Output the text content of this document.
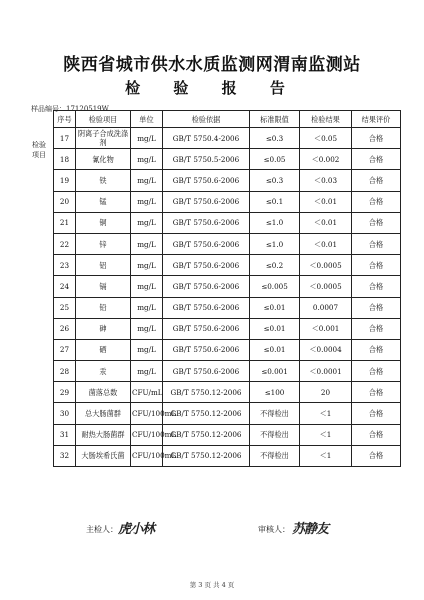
陕西省城市供水水质监测网渭南监测站
检 验 报 告
样品编号：17120519W
检验
项目
序号	检验项目	单位	检验依据	标准限值	检验结果	结果评价
17	阴离子合成洗涤剂	mg/L	GB/T 5750.4-2006	≤0.3	＜0.05	合格
18	氰化物	mg/L	GB/T 5750.5-2006	≤0.05	＜0.002	合格
19	铁	mg/L	GB/T 5750.6-2006	≤0.3	＜0.03	合格
20	锰	mg/L	GB/T 5750.6-2006	≤0.1	＜0.01	合格
21	铜	mg/L	GB/T 5750.6-2006	≤1.0	＜0.01	合格
22	锌	mg/L	GB/T 5750.6-2006	≤1.0	＜0.01	合格
23	铝	mg/L	GB/T 5750.6-2006	≤0.2	＜0.0005	合格
24	镉	mg/L	GB/T 5750.6-2006	≤0.005	＜0.0005	合格
25	铅	mg/L	GB/T 5750.6-2006	≤0.01	0.0007	合格
26	砷	mg/L	GB/T 5750.6-2006	≤0.01	＜0.001	合格
27	硒	mg/L	GB/T 5750.6-2006	≤0.01	＜0.0004	合格
28	汞	mg/L	GB/T 5750.6-2006	≤0.001	＜0.0001	合格
29	菌落总数	CFU/mL	GB/T 5750.12-2006	≤100	20	合格
30	总大肠菌群	CFU/100mL	GB/T 5750.12-2006	不得检出	＜1	合格
31	耐热大肠菌群	CFU/100mL	GB/T 5750.12-2006	不得检出	＜1	合格
32	大肠埃希氏菌	CFU/100mL	GB/T 5750.12-2006	不得检出	＜1	合格
主检人： 虎小林	审核人： 苏静友
第 3 页 共 4 页
